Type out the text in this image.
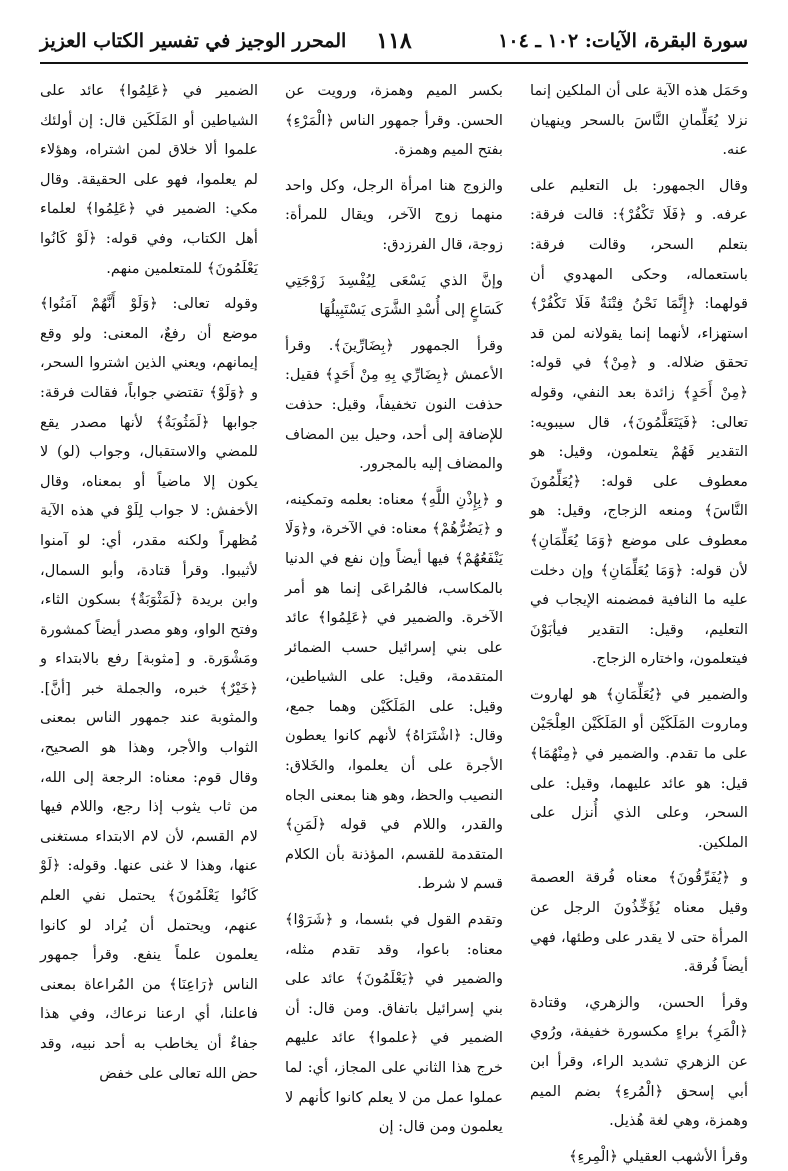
سورة البقرة، الآيات: ١٠٢ ـ ١٠٤
١١٨
المحرر الوجيز في تفسير الكتاب العزيز

وحَمَل هذه الآية على أن الملكين إنما نزلا يُعَلِّمانِ النَّاسَ بالسحر وينهيان عنه.

وقال الجمهور: بل التعليم على عرفه. و ﴿فَلَا تَكْفُرْ﴾: قالت فرقة: بتعلم السحر، وقالت فرقة: باستعماله، وحكى المهدوي أن قولهما: ﴿إِنَّمَا نَحْنُ فِتْنَةٌ فَلَا تَكْفُرْ﴾ استهزاء، لأنهما إنما يقولانه لمن قد تحقق ضلاله. و ﴿مِنْ﴾ في قوله: ﴿مِنْ أَحَدٍ﴾ زائدة بعد النفي، وقوله تعالى: ﴿فَيَتَعَلَّمُونَ﴾، قال سيبويه: التقدير فَهُمْ يتعلمون، وقيل: هو معطوف على قوله: ﴿يُعَلِّمُونَ النَّاسَ﴾ ومنعه الزجاج، وقيل: هو معطوف على موضع ﴿وَمَا يُعَلِّمَانِ﴾ لأن قوله: ﴿وَمَا يُعَلِّمَانِ﴾ وإن دخلت عليه ما النافية فمضمنه الإيجاب في التعليم، وقيل: التقدير فيأبَوْنَ فيتعلمون، واختاره الزجاج.

والضمير في ﴿يُعَلِّمَانِ﴾ هو لهاروت وماروت المَلَكَيْن أو المَلَكَيْن العِلْجَيْن على ما تقدم. والضمير في ﴿مِنْهُمَا﴾ قيل: هو عائد عليهما، وقيل: على السحر، وعلى الذي أُنزل على الملكين.

و ﴿يُفَرِّقُونَ﴾ معناه فُرقة العصمة وقيل معناه يُؤَخِّذُونَ الرجل عن المرأة حتى لا يقدر على وطئها، فهي أيضاً فُرقة.

وقرأ الحسن، والزهري، وقتادة ﴿الْمَرِ﴾ براءٍ مكسورة خفيفة، ورُوي عن الزهري تشديد الراء، وقرأ ابن أبي إسحق ﴿الْمُرءِ﴾ بضم الميم وهمزة، وهي لغة هُذيل.

وقرأ الأشهب العقيلي ﴿الْمِرءِ﴾

بكسر الميم وهمزة، ورويت عن الحسن. وقرأ جمهور الناس ﴿الْمَرْءِ﴾ بفتح الميم وهمزة.

والزوج هنا امرأة الرجل، وكل واحد منهما زوج الآخر، ويقال للمرأة: زوجة، قال الفرزدق:

وإنَّ الذي يَسْعَى لِيُفْسِدَ زَوْجَتِي كَسَاعٍ إلى أُسْدِ الشَّرَى يَسْتَبِيلُهَا

وقرأ الجمهور ﴿بِضَارِّينَ﴾. وقرأ الأعمش ﴿بِضَارِّي بِهِ مِنْ أَحَدٍ﴾ فقيل: حذفت النون تخفيفاً، وقيل: حذفت للإضافة إلى أحد، وحيل بين المضاف والمضاف إليه بالمجرور.

و ﴿بِإِذْنِ اللَّهِ﴾ معناه: بعلمه وتمكينه، و ﴿يَضُرُّهُمْ﴾ معناه: في الآخرة، و﴿وَلَا يَنْفَعُهُمْ﴾ فيها أيضاً وإن نفع في الدنيا بالمكاسب، فالمُراعَى إنما هو أمر الآخرة. والضمير في ﴿عَلِمُوا﴾ عائد على بني إسرائيل حسب الضمائر المتقدمة، وقيل: على الشياطين، وقيل: على المَلَكَيْن وهما جمع، وقال: ﴿اشْتَرَاهُ﴾ لأنهم كانوا يعطون الأجرة على أن يعلموا، والخَلاق: النصيب والحظ، وهو هنا بمعنى الجاه والقدر، واللام في قوله ﴿لَمَنِ﴾ المتقدمة للقسم، المؤذنة بأن الكلام قسم لا شرط.

وتقدم القول في بئسما، و ﴿شَرَوْا﴾ معناه: باعوا، وقد تقدم مثله، والضمير في ﴿يَعْلَمُونَ﴾ عائد على بني إسرائيل باتفاق. ومن قال: أن الضمير في ﴿علموا﴾ عائد عليهم خرج هذا الثاني على المجاز، أي: لما عملوا عمل من لا يعلم كانوا كأنهم لا يعلمون ومن قال: إن

الضمير في ﴿عَلِمُوا﴾ عائد على الشياطين أو المَلَكَين قال: إن أولئك علموا ألا خلاق لمن اشتراه، وهؤلاء لم يعلموا، فهو على الحقيقة. وقال مكي: الضمير في ﴿عَلِمُوا﴾ لعلماء أهل الكتاب، وفي قوله: ﴿لَوْ كَانُوا يَعْلَمُونَ﴾ للمتعلمين منهم.

وقوله تعالى: ﴿وَلَوْ أَنَّهُمْ آمَنُوا﴾ موضع أن رفعٌ، المعنى: ولو وقع إيمانهم، ويعني الذين اشتروا السحر، و ﴿وَلَوْ﴾ تقتضي جواباً، فقالت فرقة: جوابها ﴿لَمَثُوبَةٌ﴾ لأنها مصدر يقع للمضي والاستقبال، وجواب (لو) لا يكون إلا ماضياً أو بمعناه، وقال الأخفش: لا جواب لِلَوْ في هذه الآية مُظهراً ولكنه مقدر، أي: لو آمنوا لأثيبوا. وقرأ قتادة، وأبو السمال، وابن بريدة ﴿لَمَثْوَبَةٌ﴾ بسكون الثاء، وفتح الواو، وهو مصدر أيضاً كمشورة ومَشْوَرة. و [مثوبة] رفع بالابتداء و ﴿خَيْرٌ﴾ خبره، والجملة خبر [أنَّ]. والمثوبة عند جمهور الناس بمعنى الثواب والأجر، وهذا هو الصحيح، وقال قوم: معناه: الرجعة إلى الله، من ثاب يثوب إذا رجع، واللام فيها لام القسم، لأن لام الابتداء مستغنى عنها، وهذا لا غنى عنها. وقوله: ﴿لَوْ كَانُوا يَعْلَمُونَ﴾ يحتمل نفي العلم عنهم، ويحتمل أن يُراد لو كانوا يعلمون علماً ينفع. وقرأ جمهور الناس ﴿رَاعِنَا﴾ من المُراعاة بمعنى فاعلنا، أي ارعنا نرعاك، وفي هذا جفاءٌ أن يخاطب به أحد نبيه، وقد حض الله تعالى على خفض
